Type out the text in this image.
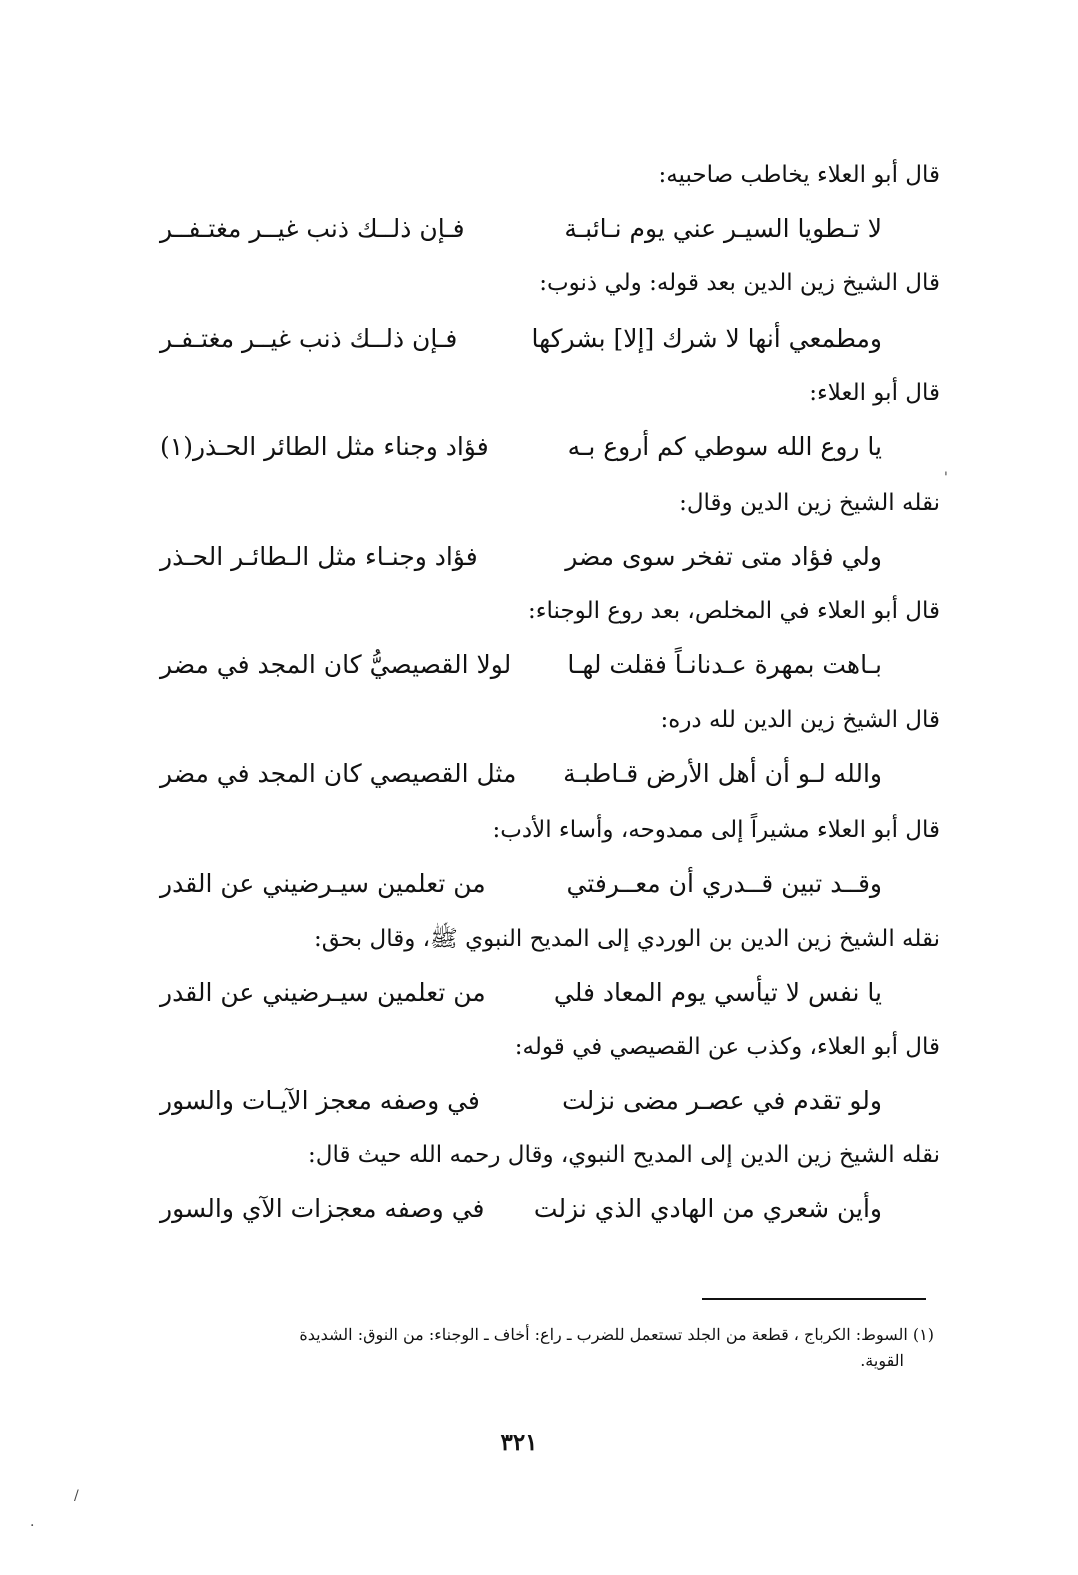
قال أبو العلاء يخاطب صاحبيه:
لا تـطويا السيـر عني يوم نـائبـة
فـإن ذلــك ذنب غيــر مغتـفــر
قال الشيخ زين الدين بعد قوله: ولي ذنوب:
ومطمعي أنها لا شرك [إلا] بشركها
فـإن ذلــك ذنب غيــر مغتـفـر
قال أبو العلاء:
يا روع الله سوطي كم أروع بـه
فؤاد وجناء مثل الطائر الحـذر(١)
نقله الشيخ زين الدين وقال:
ولي فؤاد متى تفخر سوى مضر
فؤاد وجنـاء مثل الـطائـر الحـذر
قال أبو العلاء في المخلص، بعد روع الوجناء:
بـاهت بمهرة عـدنانـاً فقلت لهـا
لولا القصيصيُّ كان المجد في مضر
قال الشيخ زين الدين لله دره:
والله لـو أن أهل الأرض قـاطبـة
مثل القصيصي كان المجد في مضر
قال أبو العلاء مشيراً إلى ممدوحه، وأساء الأدب:
وقــد تبين قــدري أن معــرفتي
من تعلمين سيـرضيني عن القدر
نقله الشيخ زين الدين بن الوردي إلى المديح النبوي ﷺ، وقال بحق:
يا نفس لا تيأسي يوم المعاد فلي
من تعلمين سيـرضيني عن القدر
قال أبو العلاء، وكذب عن القصيصي في قوله:
ولو تقدم في عصـر مضى نزلت
في وصفه معجز الآيـات والسور
نقله الشيخ زين الدين إلى المديح النبوي، وقال رحمه الله حيث قال:
وأين شعري من الهادي الذي نزلت
في وصفه معجزات الآي والسور
(١) السوط: الكرباج ، قطعة من الجلد تستعمل للضرب ـ راع: أخاف ـ الوجناء: من النوق: الشديدة
القوية.
٣٢١
'
/
·
